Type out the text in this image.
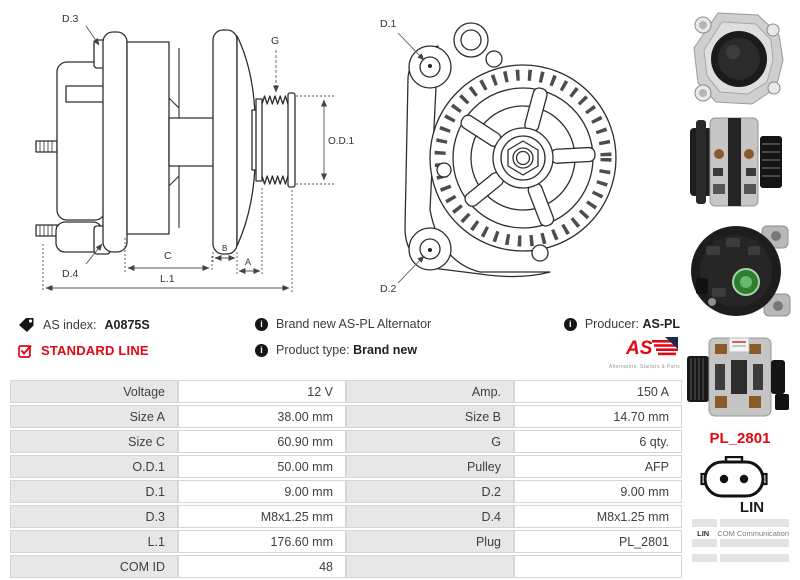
D.3
G
O.D.1
D.4
C
B
A
L.1
D.1
D.2
AS index: A0875S
STANDARD LINE
i	Brand new AS-PL Alternator
i	Product type: Brand new
i	Producer: AS-PL
AS
Alternators, Starters & Parts
Voltage	12 V	Amp.	150 A
Size A	38.00 mm	Size B	14.70 mm
Size C	60.90 mm	G	6 qty.
O.D.1	50.00 mm	Pulley	AFP
D.1	9.00 mm	D.2	9.00 mm
D.3	M8x1.25 mm	D.4	M8x1.25 mm
L.1	176.60 mm	Plug	PL_2801
COM ID	48		
PL_2801
LIN
LIN	COM Communication
